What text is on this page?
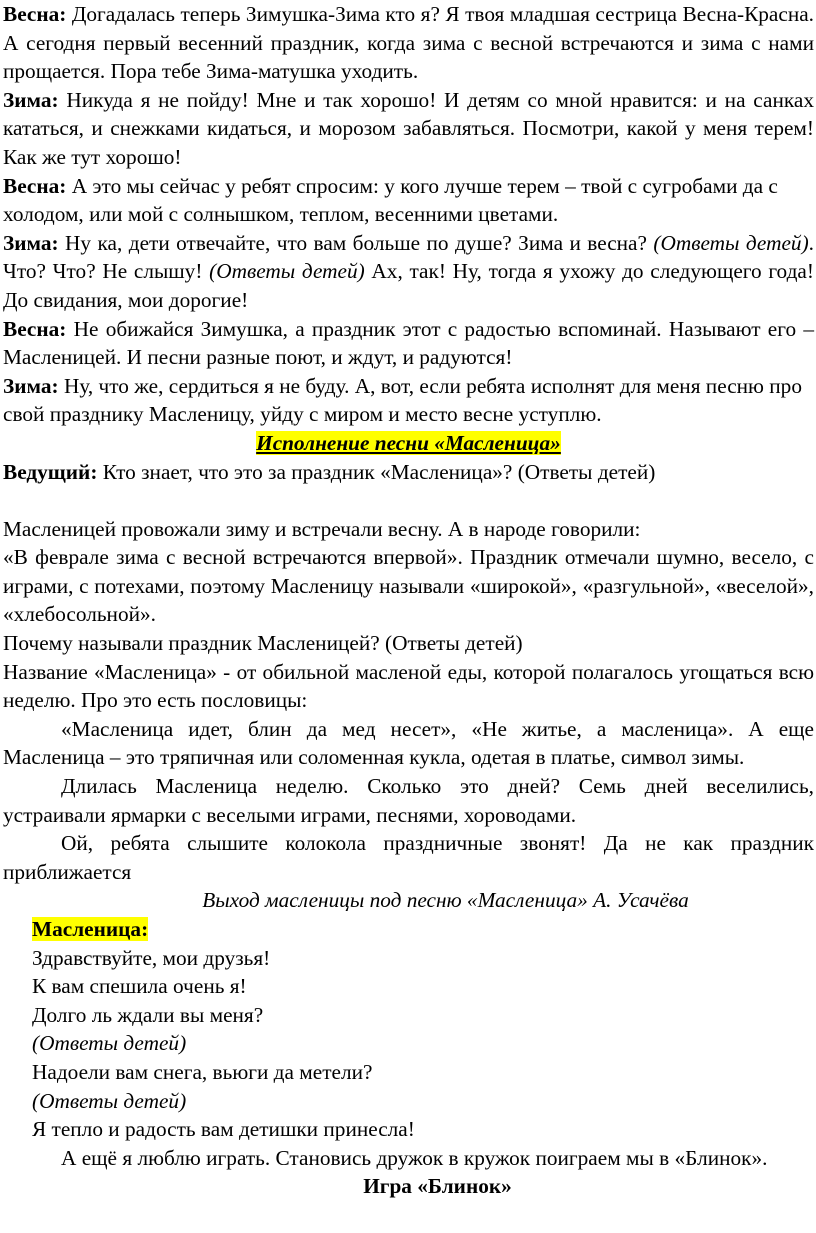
Весна: Догадалась теперь Зимушка-Зима кто я? Я твоя младшая сестрица Весна-Красна. А сегодня первый весенний праздник, когда зима с весной встречаются и зима с нами прощается. Пора тебе Зима-матушка уходить.

Зима: Никуда я не пойду! Мне и так хорошо! И детям со мной нравится: и на санках кататься, и снежками кидаться, и морозом забавляться. Посмотри, какой у меня терем! Как же тут хорошо!

Весна: А это мы сейчас у ребят спросим: у кого лучше терем – твой с сугробами да с холодом, или мой с солнышком, теплом, весенними цветами.

Зима: Ну ка, дети отвечайте, что вам больше по душе? Зима и весна? (Ответы детей). Что? Что? Не слышу! (Ответы детей) Ах, так! Ну, тогда я ухожу до следующего года! До свидания, мои дорогие!

Весна: Не обижайся Зимушка, а праздник этот с радостью вспоминай. Называют его – Масленицей. И песни разные поют, и ждут, и радуются!

Зима: Ну, что же, сердиться я не буду. А, вот, если ребята исполнят для меня песню про свой празднику Масленицу, уйду с миром и место весне уступлю.

Исполнение песни «Масленица»

Ведущий: Кто знает, что это за праздник «Масленица»? (Ответы детей)

Масленицей провожали зиму и встречали весну. А в народе говорили:

«В феврале зима с весной встречаются впервой». Праздник отмечали шумно, весело, с играми, с потехами, поэтому Масленицу называли «широкой», «разгульной», «веселой», «хлебосольной».

Почему называли праздник Масленицей? (Ответы детей)

Название «Масленица» - от обильной масленой еды, которой полагалось угощаться всю неделю. Про это есть пословицы:

«Масленица идет, блин да мед несет», «Не житье, а масленица». А еще Масленица – это тряпичная или соломенная кукла, одетая в платье, символ зимы.

Длилась Масленица неделю. Сколько это дней? Семь дней веселились, устраивали ярмарки с веселыми играми, песнями, хороводами.

Ой, ребята слышите колокола праздничные звонят! Да не как праздник приближается

Выход масленицы под песню «Масленица» А. Усачёва

Масленица:

Здравствуйте, мои друзья!

К вам спешила очень я!

Долго ль ждали вы меня?

(Ответы детей)

Надоели вам снега, вьюги да метели?

(Ответы детей)

Я тепло и радость вам детишки принесла!

А ещё я люблю играть. Становись дружок в кружок поиграем мы в «Блинок».

Игра «Блинок»
